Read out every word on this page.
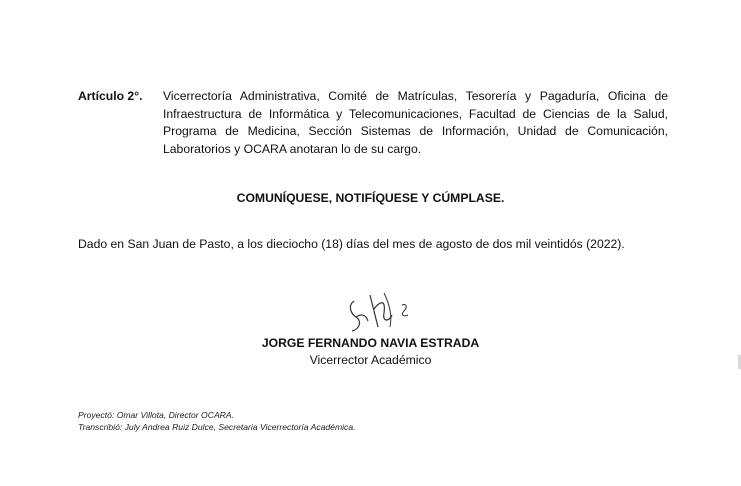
Artículo 2°.	Vicerrectoría Administrativa, Comité de Matrículas, Tesorería y Pagaduría, Oficina de Infraestructura de Informática y Telecomunicaciones, Facultad de Ciencias de la Salud, Programa de Medicina, Sección Sistemas de Información, Unidad de Comunicación, Laboratorios y OCARA anotaran lo de su cargo.
COMUNÍQUESE, NOTIFÍQUESE Y CÚMPLASE.
Dado en San Juan de Pasto, a los dieciocho (18) días del mes de agosto de dos mil veintidós (2022).
JORGE FERNANDO NAVIA ESTRADA
Vicerrector Académico
Proyectó: Omar Villota, Director OCARA.
Transcribió: July Andrea Ruiz Dulce, Secretaria Vicerrectoría Académica.
